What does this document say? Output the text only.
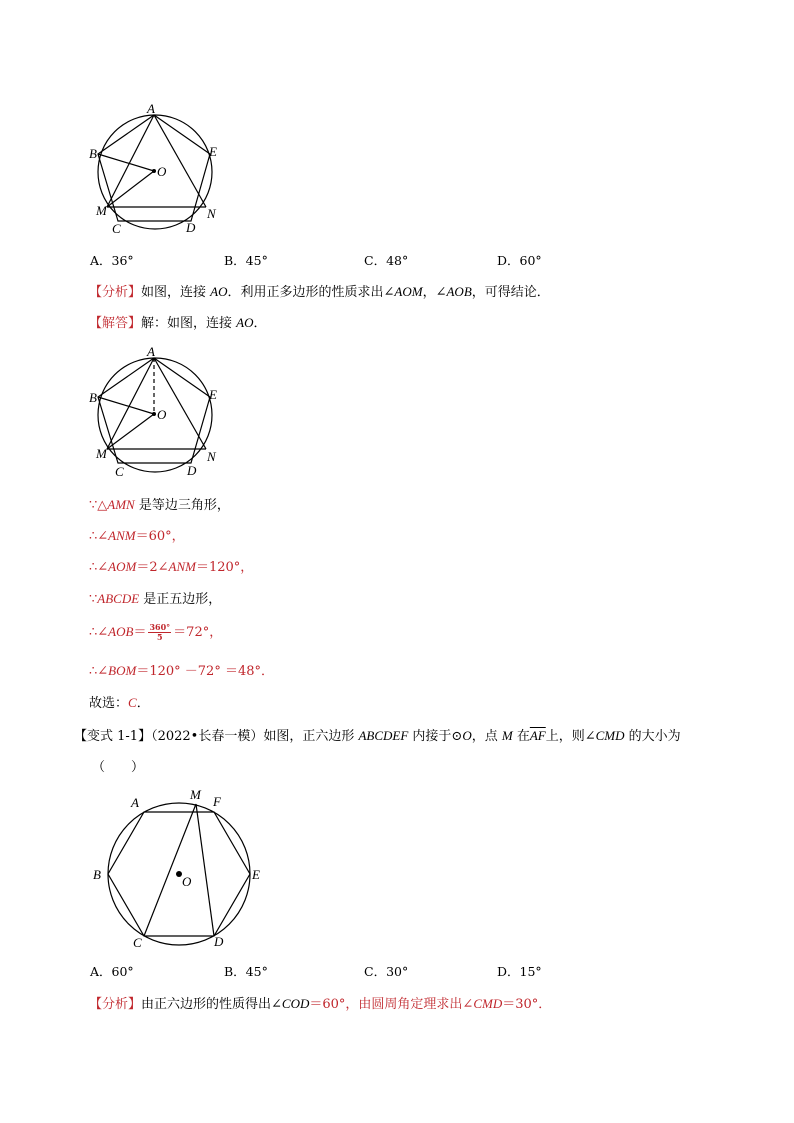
A
B
C	D
E
O
M	N
A．36°	B．45°	C．48°	D．60°
【分析】如图，连接 AO．利用正多边形的性质求出∠AOM，∠AOB，可得结论．
【解答】解：如图，连接 AO．
A
B
C	D
E
O
M	N
∵△AMN 是等边三角形，
∴∠ANM＝60°，
∴∠AOM＝2∠ANM＝120°，
∵ABCDE 是正五边形，
∴∠AOB＝ $\frac{360^\circ}{5} =72^\circ$，
∴∠BOM＝120° －72° ＝48°．
故选：C．
【变式 1-1】（2022•长春一模）如图，正六边形 ABCDEF 内接于⊙O，点 M 在$\overline{AF}$上，则∠CMD 的大小为
（　　）
A
M F
B	E
O
C	D
A．60°	B．45°	C．30°	D．15°
【分析】由正六边形的性质得出∠COD＝60°，由圆周角定理求出∠CMD＝30°．
